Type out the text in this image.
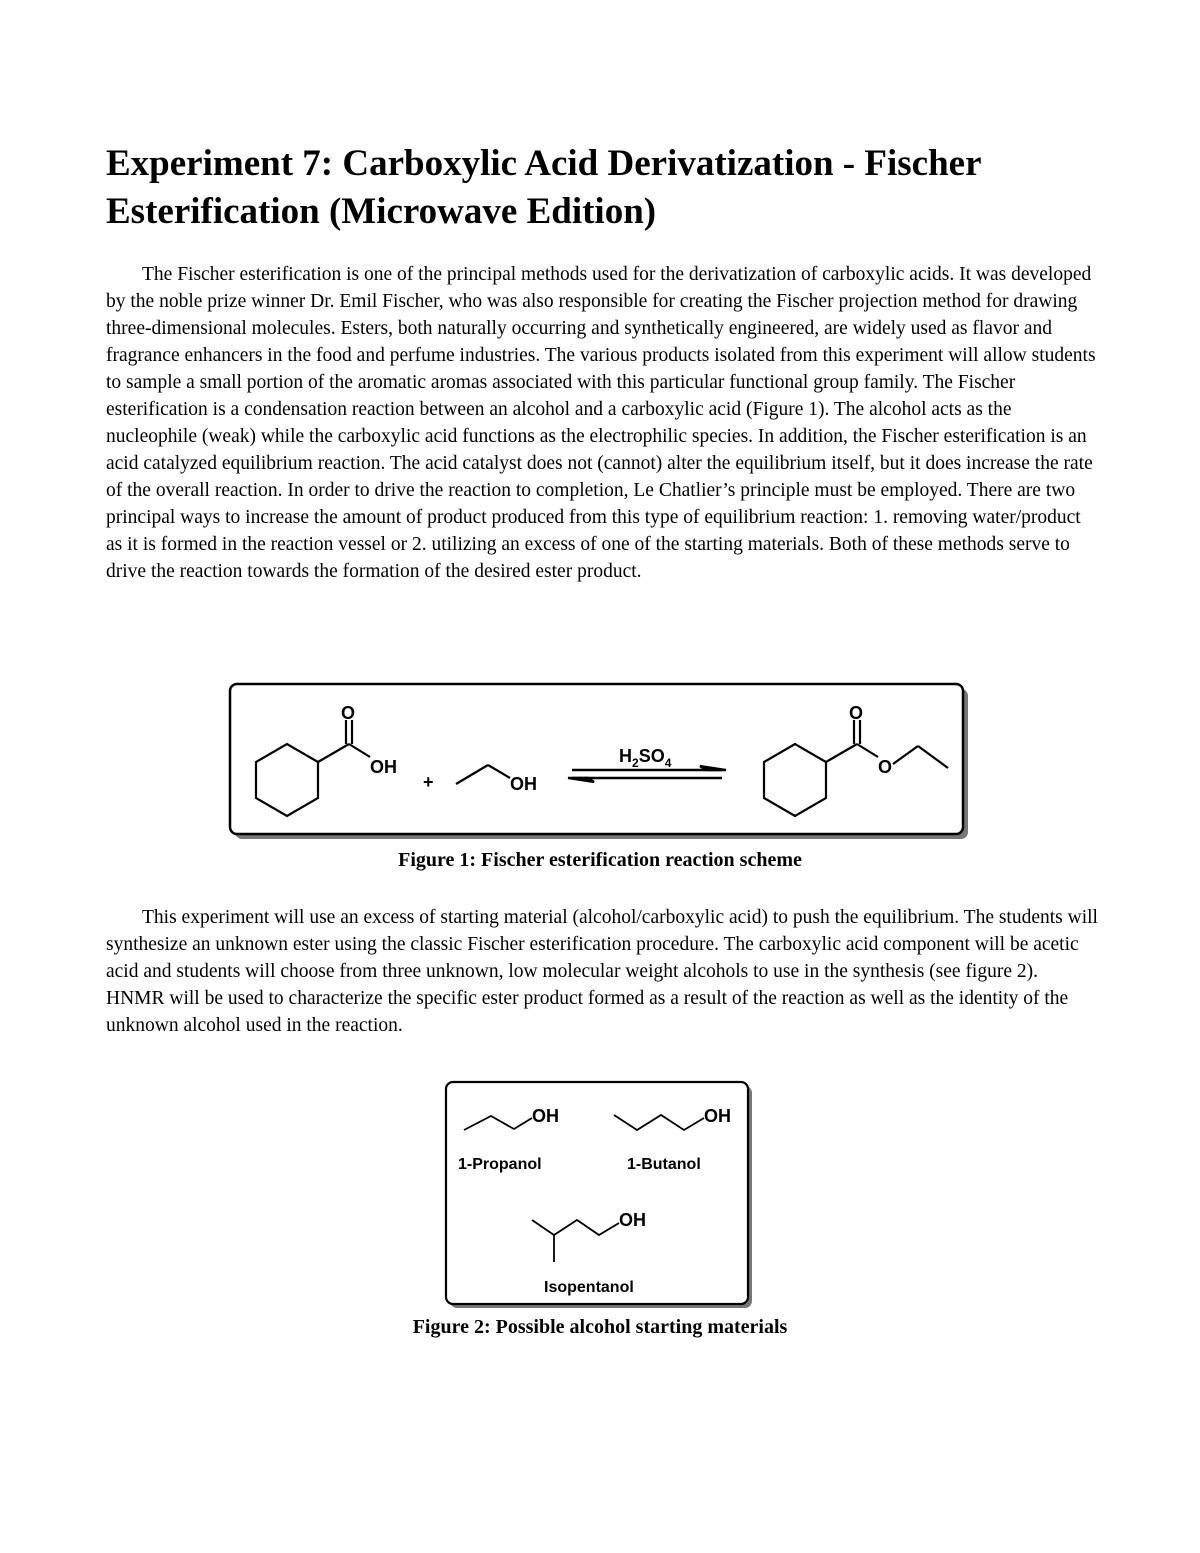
Experiment 7: Carboxylic Acid Derivatization - Fischer Esterification (Microwave Edition)

The Fischer esterification is one of the principal methods used for the derivatization of carboxylic acids. It was developed by the noble prize winner Dr. Emil Fischer, who was also responsible for creating the Fischer projection method for drawing three-dimensional molecules. Esters, both naturally occurring and synthetically engineered, are widely used as flavor and fragrance enhancers in the food and perfume industries. The various products isolated from this experiment will allow students to sample a small portion of the aromatic aromas associated with this particular functional group family. The Fischer esterification is a condensation reaction between an alcohol and a carboxylic acid (Figure 1). The alcohol acts as the nucleophile (weak) while the carboxylic acid functions as the electrophilic species. In addition, the Fischer esterification is an acid catalyzed equilibrium reaction. The acid catalyst does not (cannot) alter the equilibrium itself, but it does increase the rate of the overall reaction. In order to drive the reaction to completion, Le Chatlier’s principle must be employed. There are two principal ways to increase the amount of product produced from this type of equilibrium reaction: 1. removing water/product as it is formed in the reaction vessel or 2. utilizing an excess of one of the starting materials. Both of these methods serve to drive the reaction towards the formation of the desired ester product.

O
OH
+	OH
$H_2SO_4$
O
O

Figure 1: Fischer esterification reaction scheme

This experiment will use an excess of starting material (alcohol/carboxylic acid) to push the equilibrium. The students will synthesize an unknown ester using the classic Fischer esterification procedure. The carboxylic acid component will be acetic acid and students will choose from three unknown, low molecular weight alcohols to use in the synthesis (see figure 2). HNMR will be used to characterize the specific ester product formed as a result of the reaction as well as the identity of the unknown alcohol used in the reaction.

OH
1-Propanol
OH
1-Butanol
OH
Isopentanol

Figure 2: Possible alcohol starting materials
